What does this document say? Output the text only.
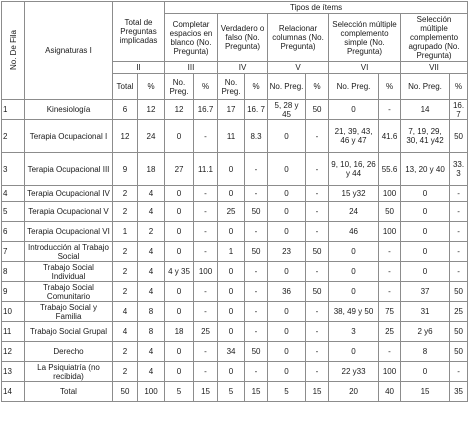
No. De Fila	Asignaturas I	Total de Preguntas implicadas		Tipos de ítems									
				Completar espacios en blanco (No. Pregunta)		Verdadero o falso (No. Pregunta)		Relacionar columnas (No. Pregunta)		Selección múltiple complemento simple (No. Pregunta)		Selección múltiple complemento agrupado (No. Pregunta)	
		II		III		IV		V		VI		VII	
		Total	%	No. Preg.	%	No. Preg.	%	No. Preg.	%	No. Preg.	%	No. Preg.	%
1	Kinesiología	6	12	12	16.7	17	16. 7	5, 28 y 45	50	0	-	14	16.7
2	Terapia Ocupacional I	12	24	0	-	11	8.3	0	-	21, 39, 43, 46 y 47	41.6	7, 19, 29, 30, 41 y42	50
3	Terapia Ocupacional III	9	18	27	11.1	0	-	0	-	9, 10, 16, 26 y 44	55.6	13, 20 y 40	33.3
4	Terapia Ocupacional IV	2	4	0	-	0	-	0	-	15 y32	100	0	-
5	Terapia Ocupacional V	2	4	0	-	25	50	0	-	24	50	0	-
6	Terapia Ocupacional VI	1	2	0	-	0	-	0	-	46	100	0	-
7	Introducción al Trabajo Social	2	4	0	-	1	50	23	50	0	-	0	-
8	Trabajo Social Individual	2	4	4 y 35	100	0	-	0	-	0	-	0	-
9	Trabajo Social Comunitario	2	4	0	-	0	-	36	50	0	-	37	50
10	Trabajo Social y Familia	4	8	0	-	0	-	0	-	38, 49 y 50	75	31	25
11	Trabajo Social Grupal	4	8	18	25	0	-	0	-	3	25	2 y6	50
12	Derecho	2	4	0	-	34	50	0	-	0	-	8	50
13	La Psiquiatría (no recibida)	2	4	0	-	0	-	0	-	22 y33	100	0	-
14	Total	50	100	5	15	5	15	5	15	20	40	15	35
